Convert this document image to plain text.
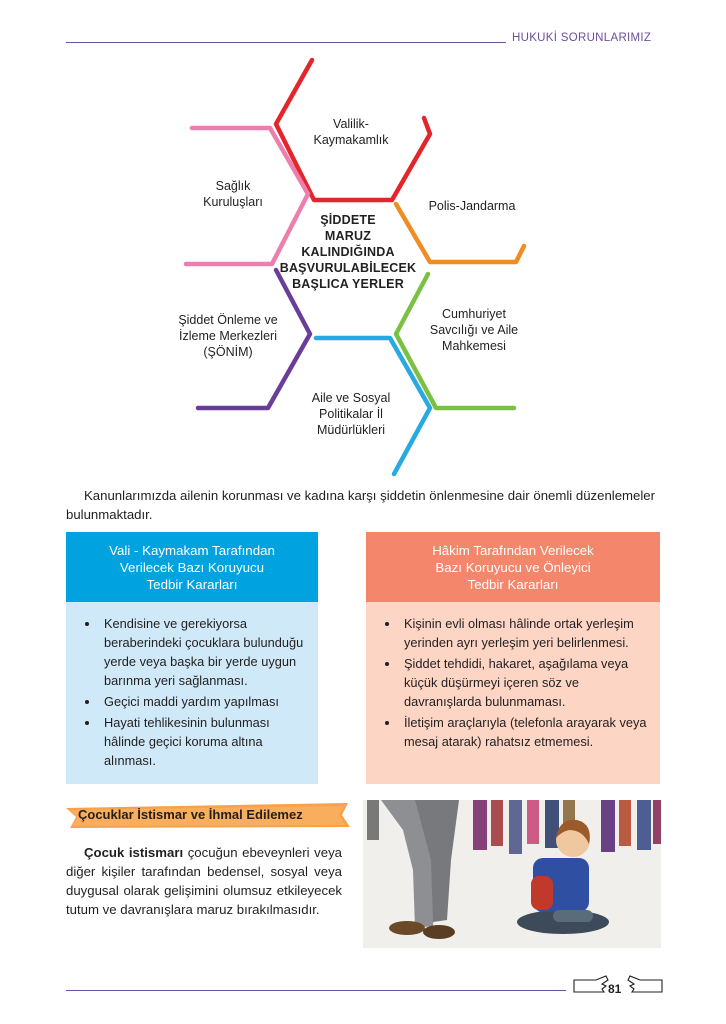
HUKUKİ SORUNLARIMIZ
ŞİDDETE
MARUZ
KALINDIĞINDA
BAŞVURULABİLECEK
BAŞLICA YERLER
Valilik-
Kaymakamlık
Polis-Jandarma
Cumhuriyet
Savcılığı ve Aile
Mahkemesi
Aile ve Sosyal
Politikalar İl
Müdürlükleri
Şiddet Önleme ve
İzleme Merkezleri
(ŞÖNİM)
Sağlık
Kuruluşları

Kanunlarımızda ailenin korunması ve kadına karşı şiddetin önlenmesine dair önemli düzenlemeler bulunmaktadır.

Vali - Kaymakam Tarafından
Verilecek Bazı Koruyucu
Tedbir Kararları
• Kendisine ve gerekiyorsa beraberindeki çocuklara bulunduğu yerde veya başka bir yerde uygun barınma yeri sağlanması.
• Geçici maddi yardım yapılması
• Hayati tehlikesinin bulunması hâlinde geçici koruma altına alınması.
Hâkim Tarafından Verilecek
Bazı Koruyucu ve Önleyici
Tedbir Kararları
• Kişinin evli olması hâlinde ortak yerleşim yerinden ayrı yerleşim yeri belirlenmesi.
• Şiddet tehdidi, hakaret, aşağılama veya küçük düşürmeyi içeren söz ve davranışlarda bulunmaması.
• İletişim araçlarıyla (telefonla arayarak veya mesaj atarak) rahatsız etmemesi.
Çocuklar İstismar ve İhmal Edilemez

Çocuk istismarı çocuğun ebeveynleri veya diğer kişiler tarafından bedensel, sosyal veya duygusal olarak gelişimini olumsuz etkileyecek tutum ve davranışlara maruz bırakılmasıdır.

81
